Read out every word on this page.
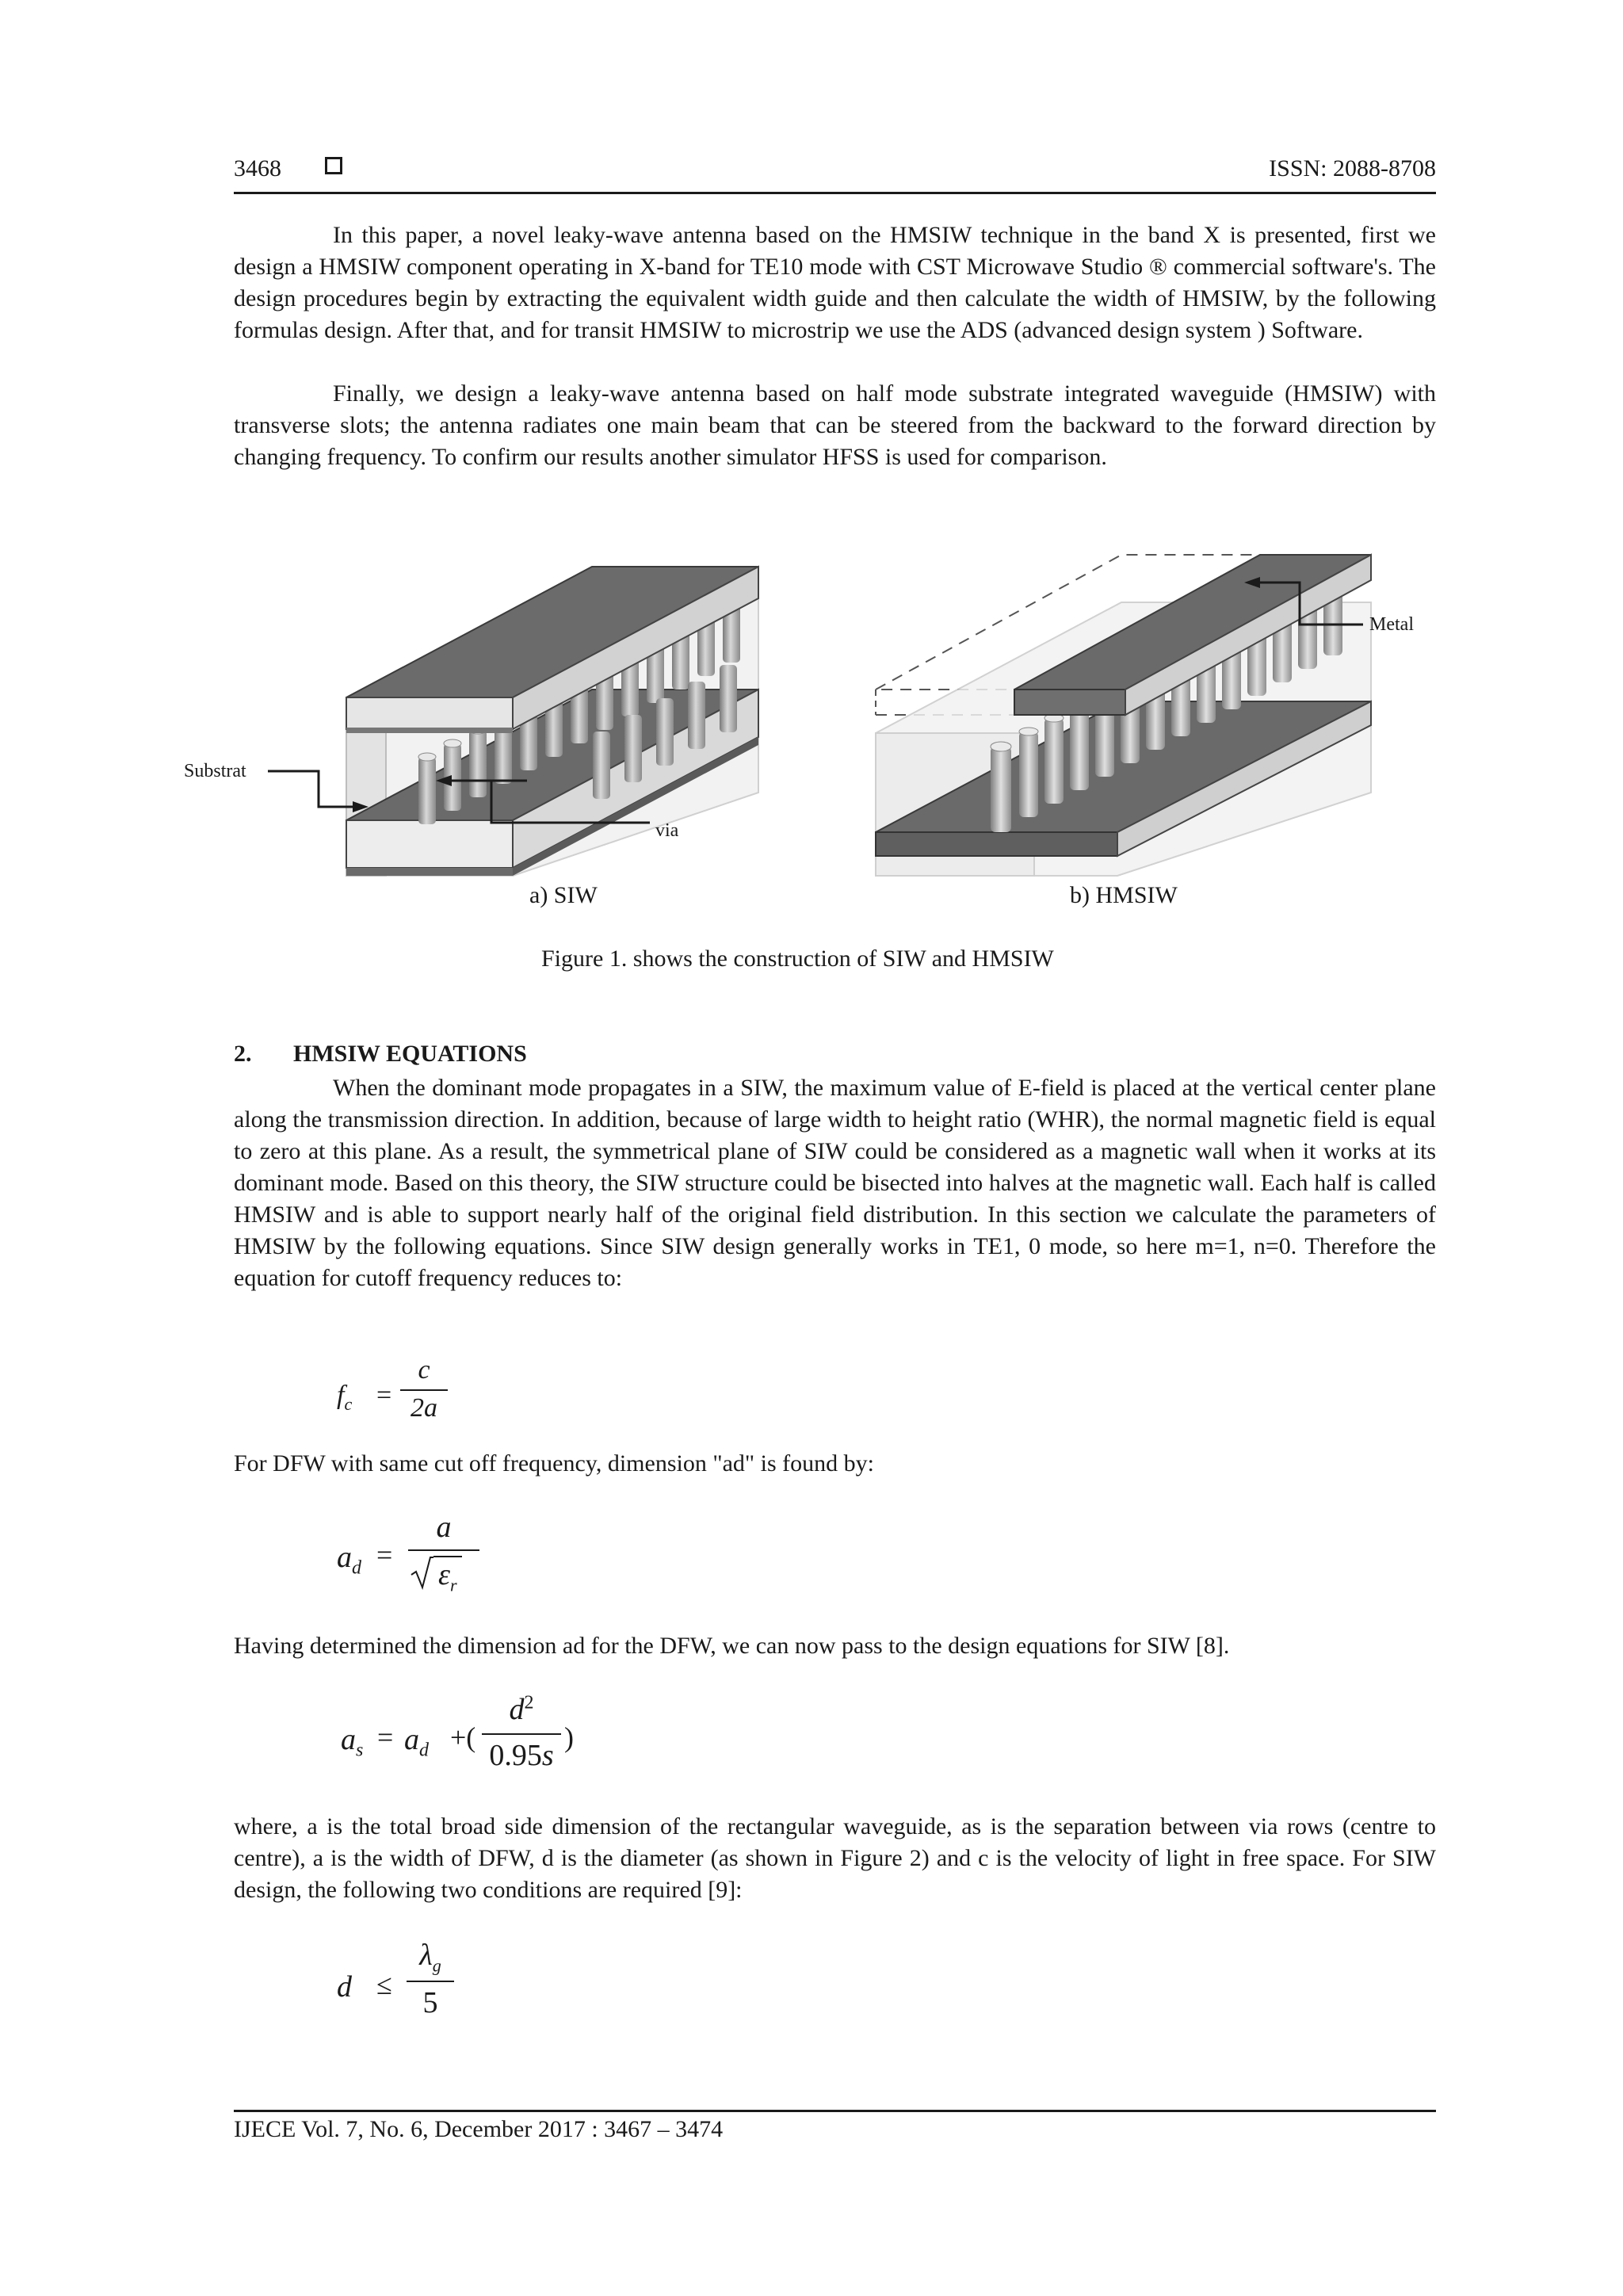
3468	ISSN: 2088-8708
In this paper, a novel leaky-wave antenna based on the HMSIW technique in the band X is presented, first we design a HMSIW component operating in X-band for TE10 mode with CST Microwave Studio ® commercial software's. The design procedures begin by extracting the equivalent width guide and then calculate the width of HMSIW, by the following formulas design. After that, and for transit HMSIW to microstrip we use the ADS (advanced design system ) Software.
Finally, we design a leaky-wave antenna based on half mode substrate integrated waveguide (HMSIW) with transverse slots; the antenna radiates one main beam that can be steered from the backward to the forward direction by changing frequency. To confirm our results another simulator HFSS is used for comparison.
Substrat
via
Metal
a) SIW	b) HMSIW
Figure 1. shows the construction of SIW and HMSIW
2. HMSIW EQUATIONS
When the dominant mode propagates in a SIW, the maximum value of E-field is placed at the vertical center plane along the transmission direction. In addition, because of large width to height ratio (WHR), the normal magnetic field is equal to zero at this plane. As a result, the symmetrical plane of SIW could be considered as a magnetic wall when it works at its dominant mode. Based on this theory, the SIW structure could be bisected into halves at the magnetic wall. Each half is called HMSIW and is able to support nearly half of the original field distribution. In this section we calculate the parameters of HMSIW by the following equations. Since SIW design generally works in TE1, 0 mode, so here m=1, n=0. Therefore the equation for cutoff frequency reduces to:
$f_c$ =
c
2a
For DFW with same cut off frequency, dimension "ad" is found by:
$a_d$ =
a
$\varepsilon_r$
Having determined the dimension ad for the DFW, we can now pass to the design equations for SIW [8].
$a_s = a_d$ +(
$d^2$
0.95s
)
where, a is the total broad side dimension of the rectangular waveguide, as is the separation between via rows (centre to centre), a is the width of DFW, d is the diameter (as shown in Figure 2) and c is the velocity of light in free space. For SIW design, the following two conditions are required [9]:
d ≤
$\lambda_g$
5
IJECE Vol. 7, No. 6, December 2017 : 3467 – 3474
